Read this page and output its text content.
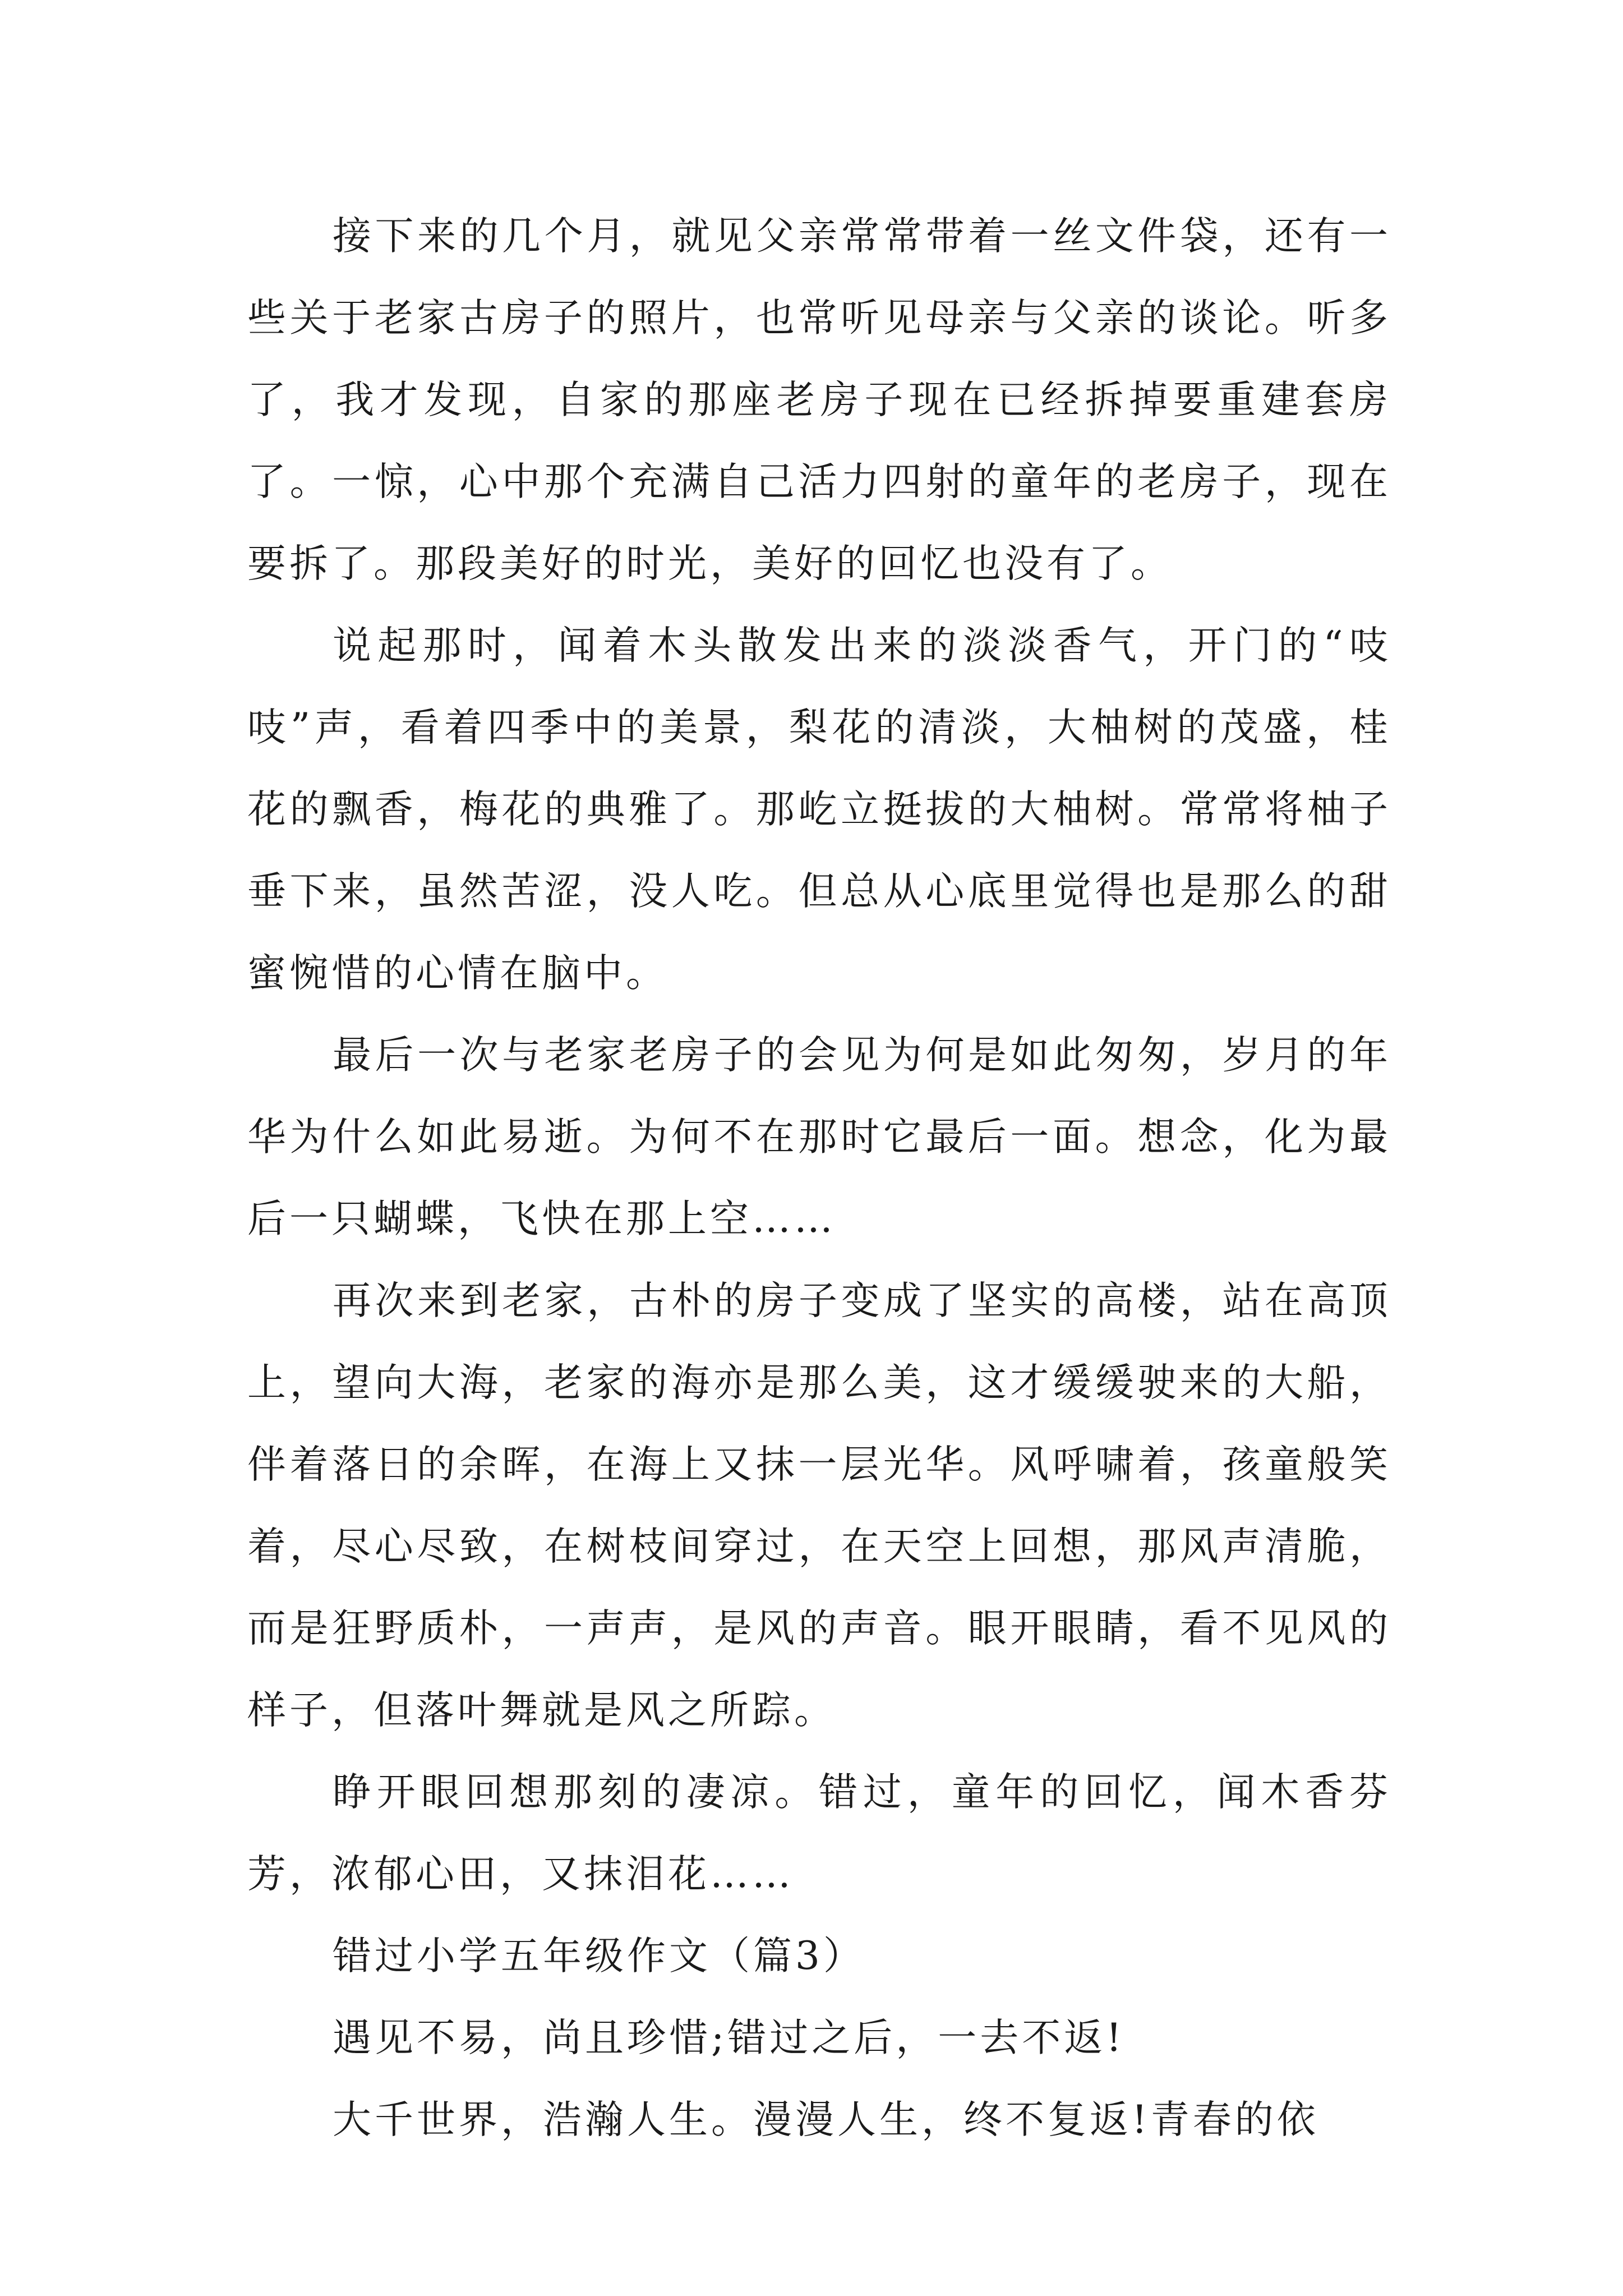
接下来的几个月，就见父亲常常带着一丝文件袋，还有一些关于老家古房子的照片，也常听见母亲与父亲的谈论。听多了，我才发现，自家的那座老房子现在已经拆掉要重建套房了。一惊，心中那个充满自己活力四射的童年的老房子，现在要拆了。那段美好的时光，美好的回忆也没有了。

说起那时，闻着木头散发出来的淡淡香气，开门的“吱吱”声，看着四季中的美景，梨花的清淡，大柚树的茂盛，桂花的飘香，梅花的典雅了。那屹立挺拔的大柚树。常常将柚子垂下来，虽然苦涩，没人吃。但总从心底里觉得也是那么的甜蜜惋惜的心情在脑中。

最后一次与老家老房子的会见为何是如此匆匆，岁月的年华为什么如此易逝。为何不在那时它最后一面。想念，化为最后一只蝴蝶，飞快在那上空……

再次来到老家，古朴的房子变成了坚实的高楼，站在高顶上，望向大海，老家的海亦是那么美，这才缓缓驶来的大船，伴着落日的余晖，在海上又抹一层光华。风呼啸着，孩童般笑着，尽心尽致，在树枝间穿过，在天空上回想，那风声清脆，而是狂野质朴，一声声，是风的声音。眼开眼睛，看不见风的样子，但落叶舞就是风之所踪。

睁开眼回想那刻的凄凉。错过，童年的回忆，闻木香芬芳，浓郁心田，又抹泪花……

错过小学五年级作文（篇3）

遇见不易，尚且珍惜;错过之后，一去不返!

大千世界，浩瀚人生。漫漫人生，终不复返!青春的依
